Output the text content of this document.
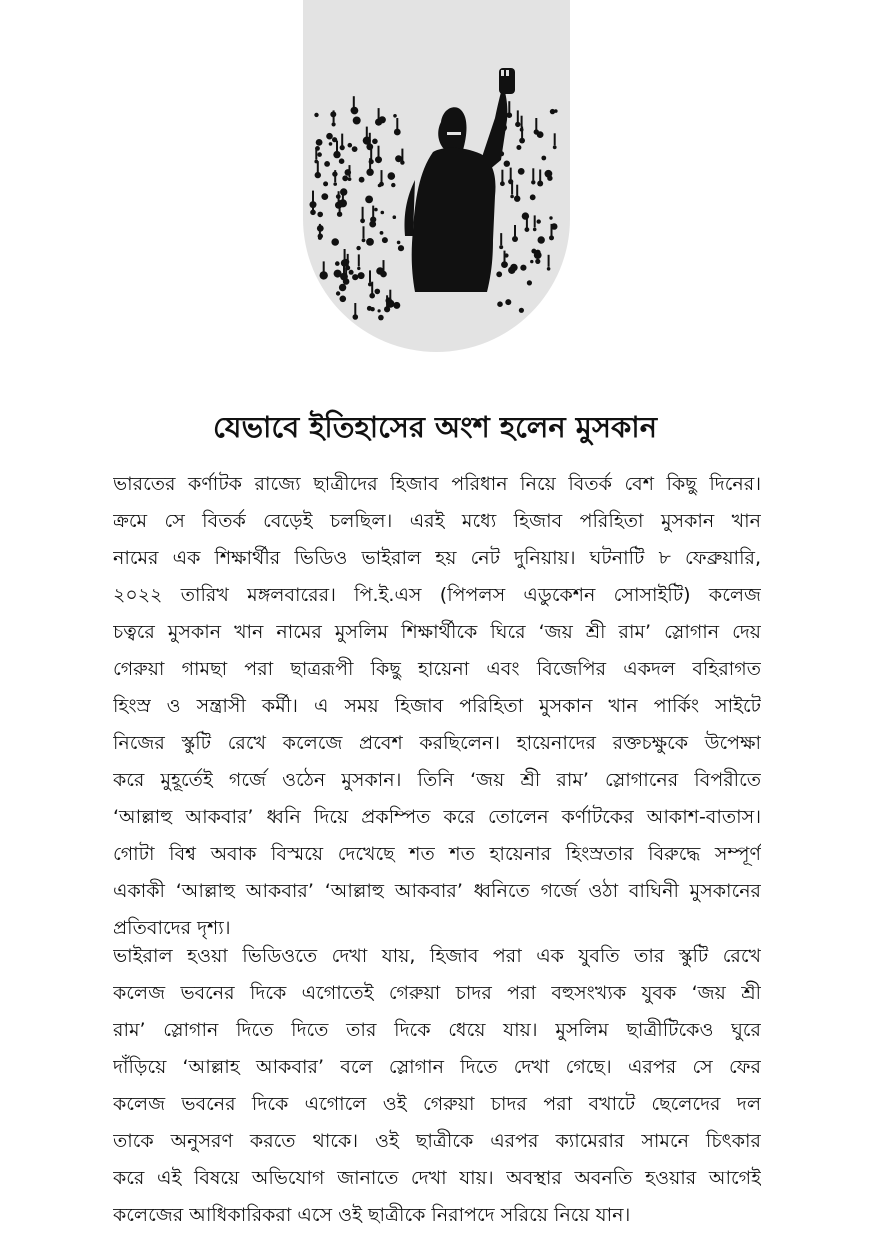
যেভাবে ইতিহাসের অংশ হলেন মুসকান

ভারতের কর্ণাটক রাজ্যে ছাত্রীদের হিজাব পরিধান নিয়ে বিতর্ক বেশ কিছু দিনের।
ক্রমে সে বিতর্ক বেড়েই চলছিল। এরই মধ্যে হিজাব পরিহিতা মুসকান খান
নামের এক শিক্ষার্থীর ভিডিও ভাইরাল হয় নেট দুনিয়ায়। ঘটনাটি ৮ ফেব্রুয়ারি,
২০২২ তারিখ মঙ্গলবারের। পি.ই.এস (পিপলস এডুকেশন সোসাইটি) কলেজ
চত্বরে মুসকান খান নামের মুসলিম শিক্ষার্থীকে ঘিরে ‘জয় শ্রী রাম’ স্লোগান দেয়
গেরুয়া গামছা পরা ছাত্ররূপী কিছু হায়েনা এবং বিজেপির একদল বহিরাগত
হিংস্র ও সন্ত্রাসী কর্মী। এ সময় হিজাব পরিহিতা মুসকান খান পার্কিং সাইটে
নিজের স্কুটি রেখে কলেজে প্রবেশ করছিলেন। হায়েনাদের রক্তচক্ষুকে উপেক্ষা
করে মুহূর্তেই গর্জে ওঠেন মুসকান। তিনি ‘জয় শ্রী রাম’ স্লোগানের বিপরীতে
‘আল্লাহু আকবার’ ধ্বনি দিয়ে প্রকম্পিত করে তোলেন কর্ণাটকের আকাশ-বাতাস।
গোটা বিশ্ব অবাক বিস্ময়ে দেখেছে শত শত হায়েনার হিংস্রতার বিরুদ্ধে সম্পূর্ণ
একাকী ‘আল্লাহু আকবার’ ‘আল্লাহু আকবার’ ধ্বনিতে গর্জে ওঠা বাঘিনী মুসকানের
প্রতিবাদের দৃশ্য।

ভাইরাল হওয়া ভিডিওতে দেখা যায়, হিজাব পরা এক যুবতি তার স্কুটি রেখে
কলেজ ভবনের দিকে এগোতেই গেরুয়া চাদর পরা বহুসংখ্যক যুবক ‘জয় শ্রী
রাম’ স্লোগান দিতে দিতে তার দিকে ধেয়ে যায়। মুসলিম ছাত্রীটিকেও ঘুরে
দাঁড়িয়ে ‘আল্লাহ আকবার’ বলে স্লোগান দিতে দেখা গেছে। এরপর সে ফের
কলেজ ভবনের দিকে এগোলে ওই গেরুয়া চাদর পরা বখাটে ছেলেদের দল
তাকে অনুসরণ করতে থাকে। ওই ছাত্রীকে এরপর ক্যামেরার সামনে চিৎকার
করে এই বিষয়ে অভিযোগ জানাতে দেখা যায়। অবস্থার অবনতি হওয়ার আগেই
কলেজের আধিকারিকরা এসে ওই ছাত্রীকে নিরাপদে সরিয়ে নিয়ে যান।
